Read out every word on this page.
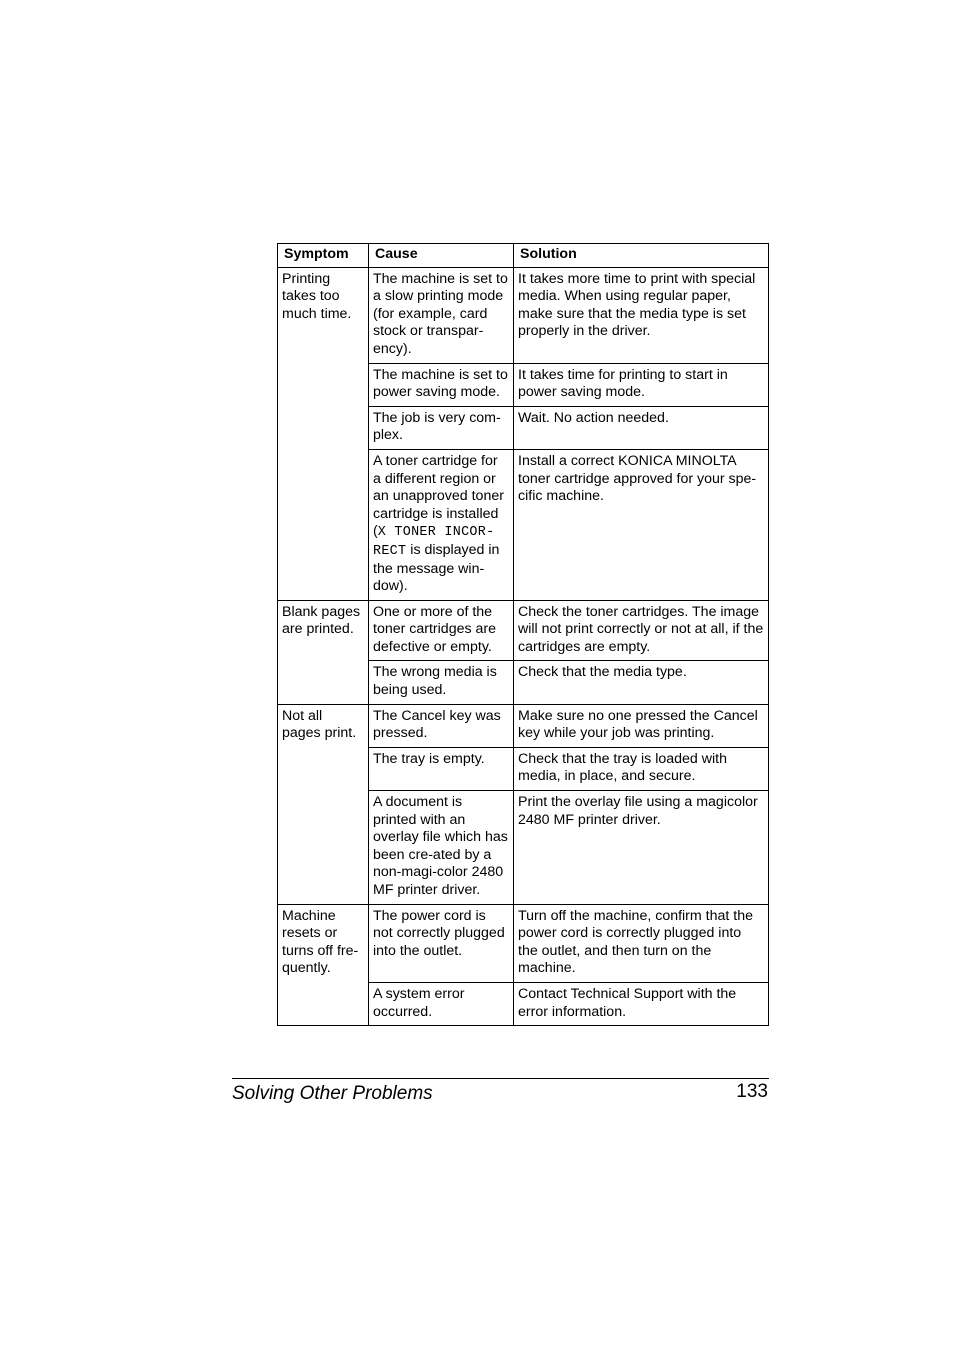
Symptom	Cause	Solution
Printing takes too much time.	The machine is set to a slow printing mode (for example, card stock or transpar-ency).	It takes more time to print with special media. When using regular paper, make sure that the media type is set properly in the driver.
	The machine is set to power saving mode.	It takes time for printing to start in power saving mode.
	The job is very com-plex.	Wait. No action needed.
	A toner cartridge for a different region or an unapproved toner cartridge is installed (X TONER INCOR-RECT is displayed in the message win-dow).	Install a correct KONICA MINOLTA toner cartridge approved for your spe-cific machine.
Blank pages are printed.	One or more of the toner cartridges are defective or empty.	Check the toner cartridges. The image will not print correctly or not at all, if the cartridges are empty.
	The wrong media is being used.	Check that the media type.
Not all pages print.	The Cancel key was pressed.	Make sure no one pressed the Cancel key while your job was printing.
	The tray is empty.	Check that the tray is loaded with media, in place, and secure.
	A document is printed with an overlay file which has been cre-ated by a non-magi-color 2480 MF printer driver.	Print the overlay file using a magicolor 2480 MF printer driver.
Machine resets or turns off fre-quently.	The power cord is not correctly plugged into the outlet.	Turn off the machine, confirm that the power cord is correctly plugged into the outlet, and then turn on the machine.
	A system error occurred.	Contact Technical Support with the error information.
Solving Other Problems	133
